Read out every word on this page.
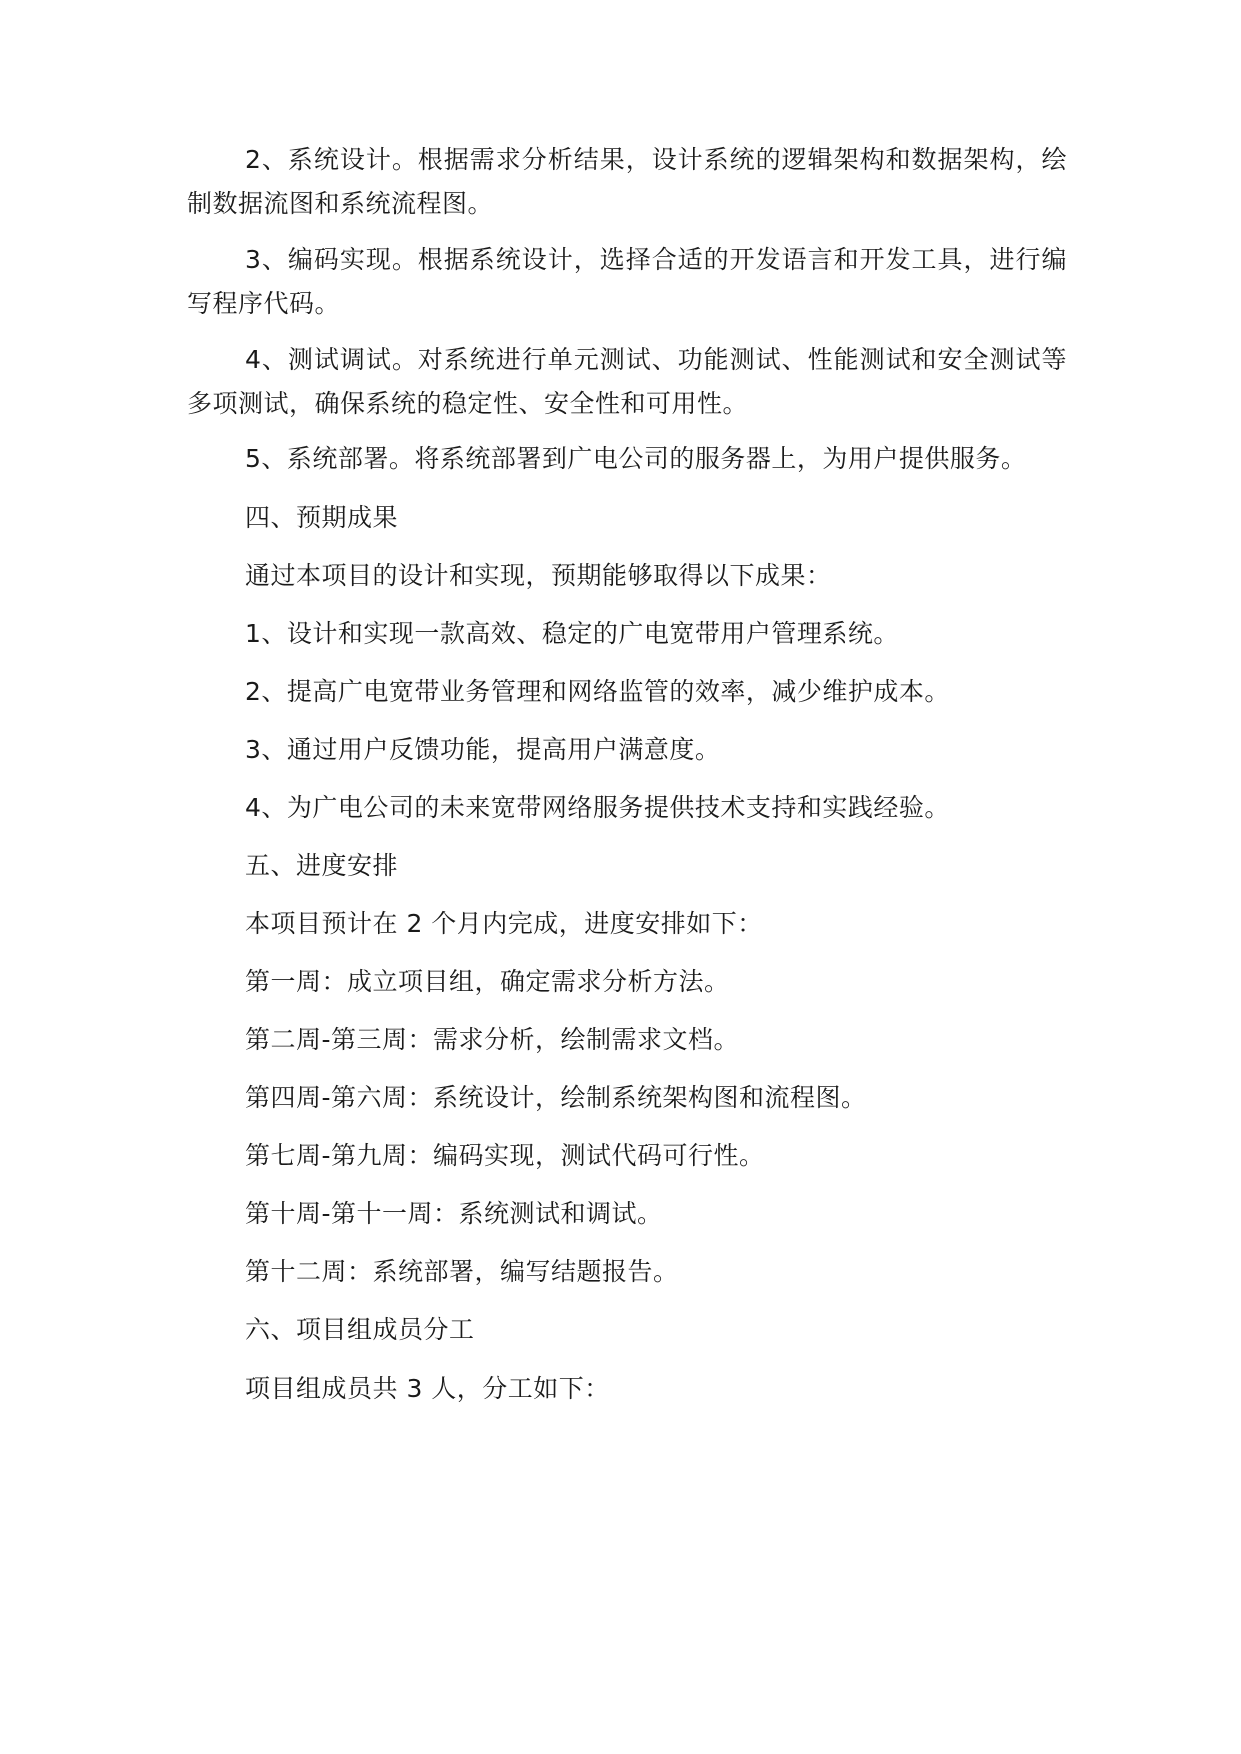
2、系统设计。根据需求分析结果，设计系统的逻辑架构和数据架构，绘制数据流图和系统流程图。

3、编码实现。根据系统设计，选择合适的开发语言和开发工具，进行编写程序代码。

4、测试调试。对系统进行单元测试、功能测试、性能测试和安全测试等多项测试，确保系统的稳定性、安全性和可用性。

5、系统部署。将系统部署到广电公司的服务器上，为用户提供服务。

四、预期成果

通过本项目的设计和实现，预期能够取得以下成果：

1、设计和实现一款高效、稳定的广电宽带用户管理系统。

2、提高广电宽带业务管理和网络监管的效率，减少维护成本。

3、通过用户反馈功能，提高用户满意度。

4、为广电公司的未来宽带网络服务提供技术支持和实践经验。

五、进度安排

本项目预计在 2 个月内完成，进度安排如下：

第一周：成立项目组，确定需求分析方法。

第二周-第三周：需求分析，绘制需求文档。

第四周-第六周：系统设计，绘制系统架构图和流程图。

第七周-第九周：编码实现，测试代码可行性。

第十周-第十一周：系统测试和调试。

第十二周：系统部署，编写结题报告。

六、项目组成员分工

项目组成员共 3 人，分工如下：
